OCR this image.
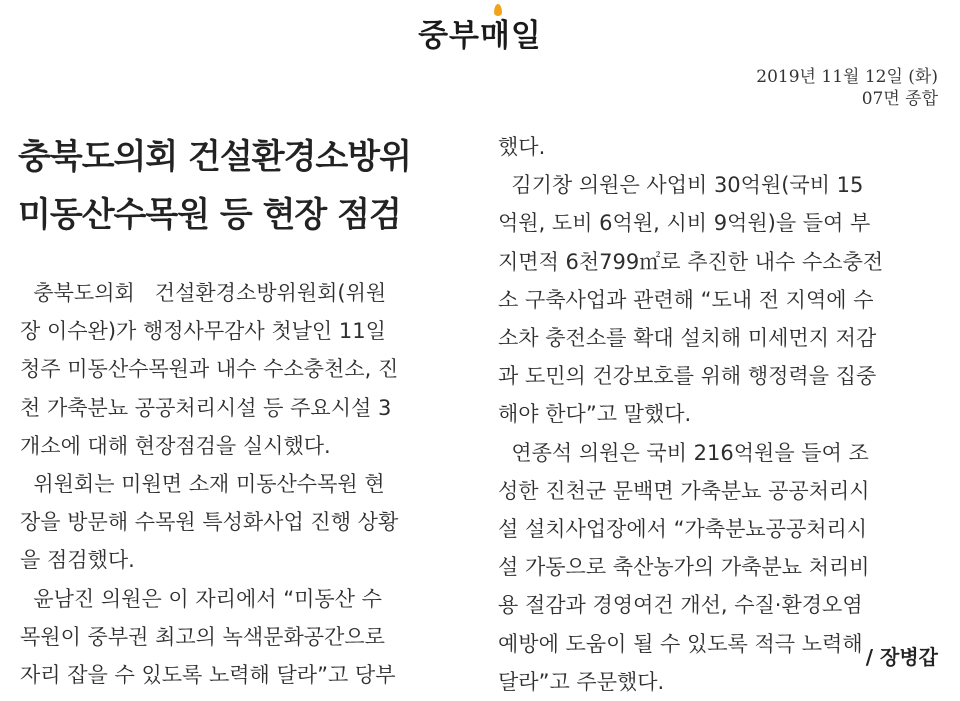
중부매일
2019년 11월 12일 (화)
07면 종합
충북도의회 건설환경소방위
미동산수목원 등 현장 점검
충북도의회   건설환경소방위원회(위원
장 이수완)가 행정사무감사 첫날인 11일
청주 미동산수목원과 내수 수소충천소, 진
천 가축분뇨 공공처리시설 등 주요시설 3
개소에 대해 현장점검을 실시했다.
위원회는 미원면 소재 미동산수목원 현
장을 방문해 수목원 특성화사업 진행 상황
을 점검했다.
윤남진 의원은 이 자리에서 “미동산 수
목원이 중부권 최고의 녹색문화공간으로
자리 잡을 수 있도록 노력해 달라”고 당부
했다.
김기창 의원은 사업비 30억원(국비 15
억원, 도비 6억원, 시비 9억원)을 들여 부
지면적 6천799㎡로 추진한 내수 수소충전
소 구축사업과 관련해 “도내 전 지역에 수
소차 충전소를 확대 설치해 미세먼지 저감
과 도민의 건강보호를 위해 행정력을 집중
해야 한다”고 말했다.
연종석 의원은 국비 216억원을 들여 조
성한 진천군 문백면 가축분뇨 공공처리시
설 설치사업장에서 “가축분뇨공공처리시
설 가동으로 축산농가의 가축분뇨 처리비
용 절감과 경영여건 개선, 수질·환경오염
예방에 도움이 될 수 있도록 적극 노력해
달라”고 주문했다.
/ 장병갑
